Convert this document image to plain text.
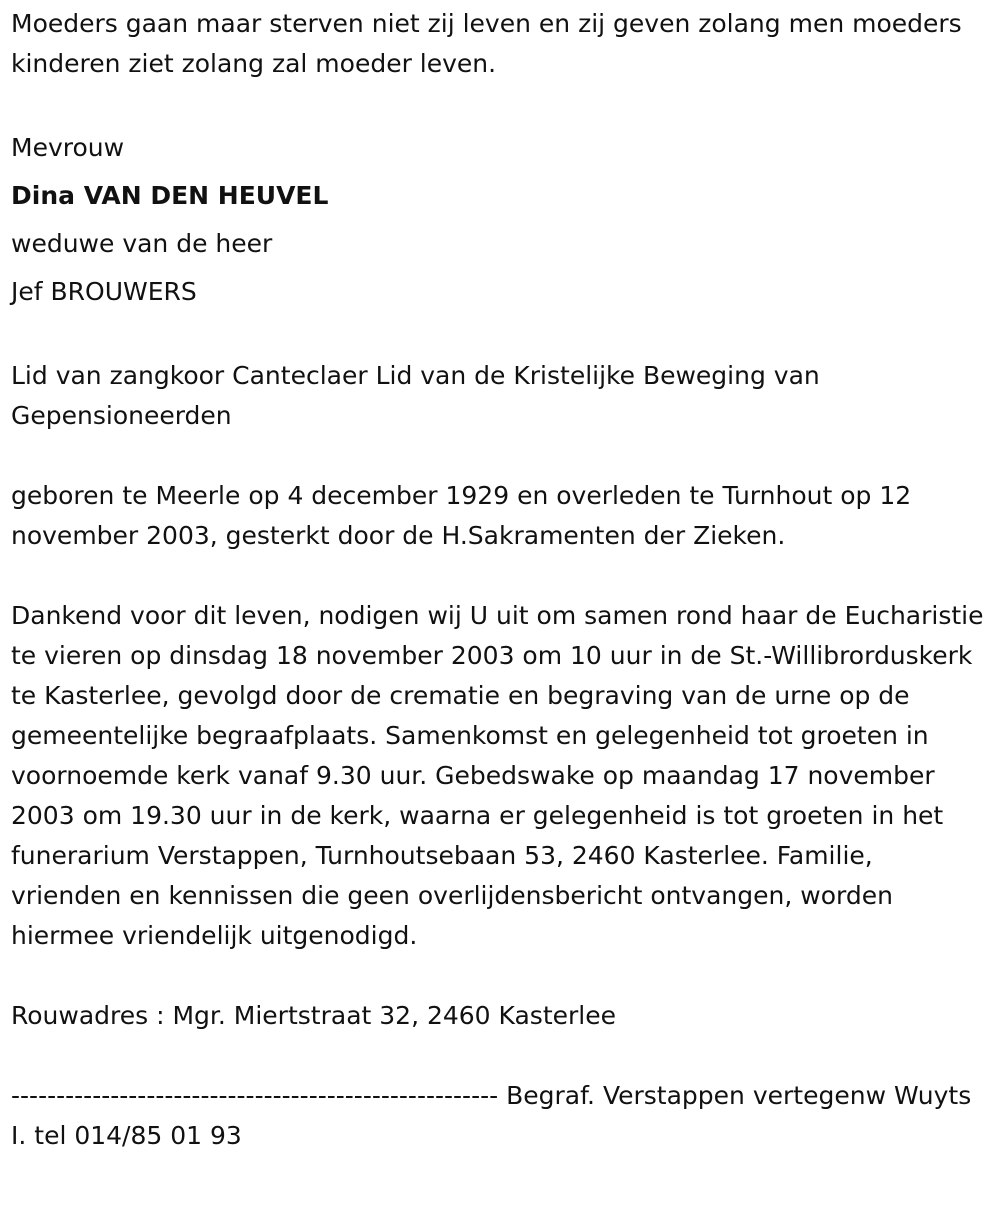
Moeders gaan maar sterven niet zij leven en zij geven zolang men moeders kinderen ziet zolang zal moeder leven.

Mevrouw

Dina VAN DEN HEUVEL

weduwe van de heer

Jef BROUWERS

Lid van zangkoor Canteclaer Lid van de Kristelijke Beweging van Gepensioneerden

geboren te Meerle op 4 december 1929 en overleden te Turnhout op 12 november 2003, gesterkt door de H.Sakramenten der Zieken.

Dankend voor dit leven, nodigen wij U uit om samen rond haar de Eucharistie te vieren op dinsdag 18 november 2003 om 10 uur in de St.-Willibrorduskerk te Kasterlee, gevolgd door de crematie en begraving van de urne op de gemeentelijke begraafplaats. Samenkomst en gelegenheid tot groeten in voornoemde kerk vanaf 9.30 uur. Gebedswake op maandag 17 november 2003 om 19.30 uur in de kerk, waarna er gelegenheid is tot groeten in het funerarium Verstappen, Turnhoutsebaan 53, 2460 Kasterlee. Familie, vrienden en kennissen die geen overlijdensbericht ontvangen, worden hiermee vriendelijk uitgenodigd.

Rouwadres : Mgr. Miertstraat 32, 2460 Kasterlee

------------------------------------------------------ Begraf. Verstappen vertegenw Wuyts I. tel 014/85 01 93
